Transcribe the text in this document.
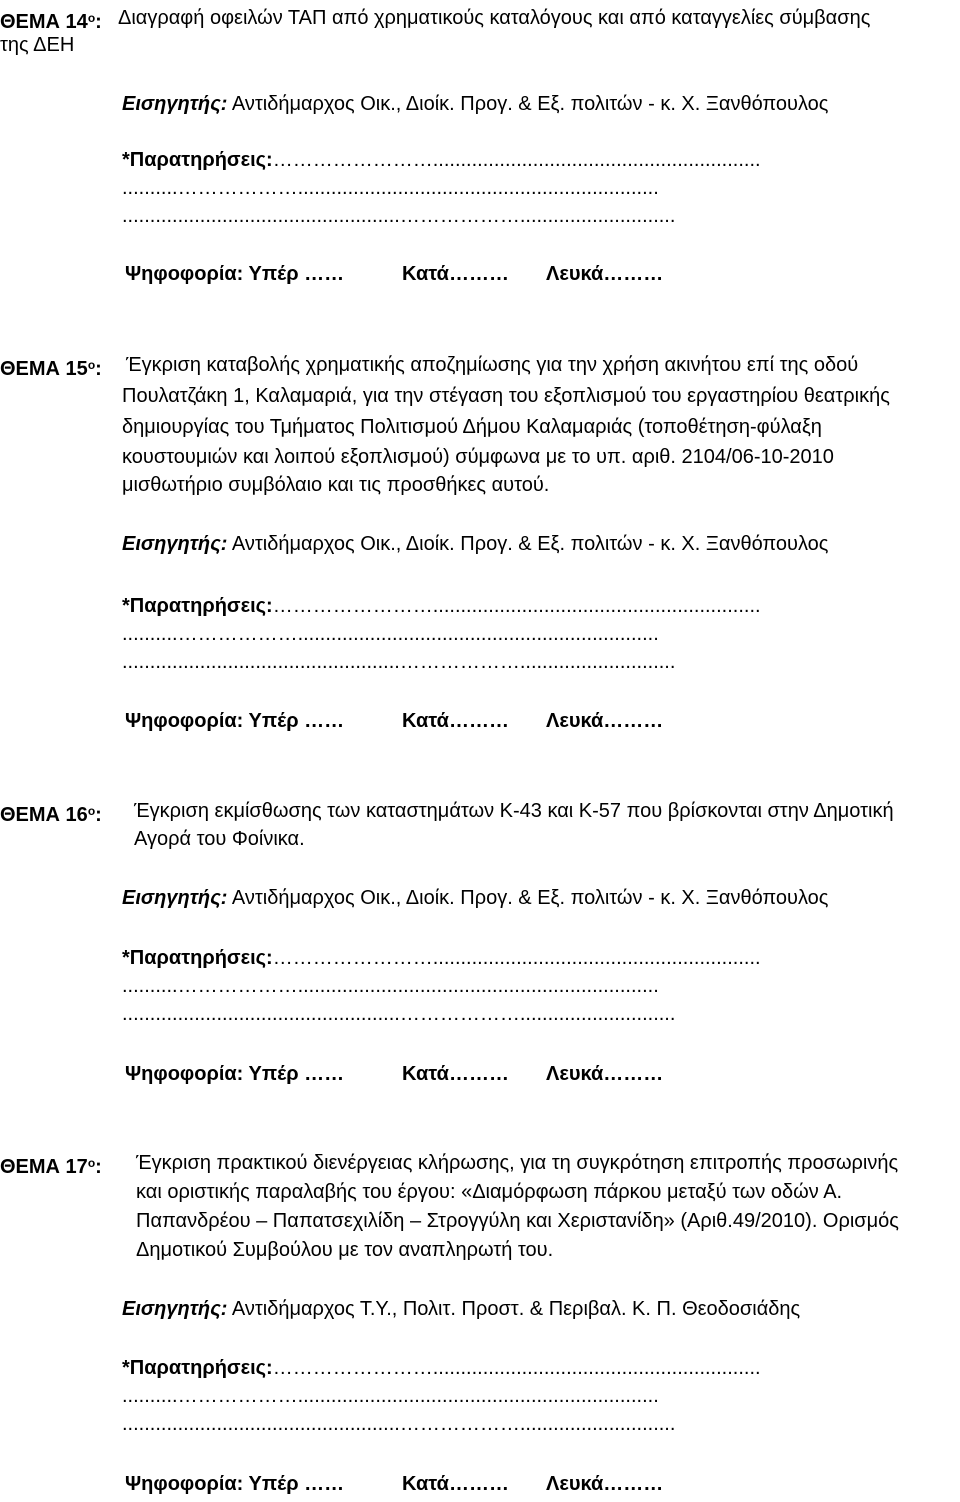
ΘΕΜΑ $14^o$: Διαγραφή οφειλών ΤΑΠ από χρηματικούς καταλόγους και από καταγγελίες σύμβασης
της ΔΕΗ
Εισηγητής: Αντιδήμαρχος Οικ., Διοίκ. Προγ. & Εξ. πολιτών - κ. Χ. Ξανθόπουλος
*Παρατηρήσεις:……………………...........................................................
..........……………….................................................................
..................................................………………............................
Ψηφοφορία: Υπέρ ……	Κατά……… Λευκά………
ΘΕΜΑ $15^o$: Έγκριση καταβολής χρηματικής αποζημίωσης για την χρήση ακινήτου επί της οδού
Πουλατζάκη 1, Καλαμαριά, για την στέγαση του εξοπλισμού του εργαστηρίου θεατρικής
δημιουργίας του Τμήματος Πολιτισμού Δήμου Καλαμαριάς (τοποθέτηση-φύλαξη
κουστουμιών και λοιπού εξοπλισμού) σύμφωνα με το υπ. αριθ. 2104/06-10-2010
μισθωτήριο συμβόλαιο και τις προσθήκες αυτού.
Εισηγητής: Αντιδήμαρχος Οικ., Διοίκ. Προγ. & Εξ. πολιτών - κ. Χ. Ξανθόπουλος
*Παρατηρήσεις:……………………...........................................................
..........……………….................................................................
..................................................………………............................
Ψηφοφορία: Υπέρ ……	Κατά……… Λευκά………
ΘΕΜΑ $16^o$: Έγκριση εκμίσθωσης των καταστημάτων Κ-43 και Κ-57 που βρίσκονται στην Δημοτική
Αγορά του Φοίνικα.
Εισηγητής: Αντιδήμαρχος Οικ., Διοίκ. Προγ. & Εξ. πολιτών - κ. Χ. Ξανθόπουλος
*Παρατηρήσεις:……………………...........................................................
..........……………….................................................................
..................................................………………............................
Ψηφοφορία: Υπέρ ……	Κατά……… Λευκά………
ΘΕΜΑ $17^o$: Έγκριση πρακτικού διενέργειας κλήρωσης, για τη συγκρότηση επιτροπής προσωρινής
και οριστικής παραλαβής του έργου: «Διαμόρφωση πάρκου μεταξύ των οδών Α.
Παπανδρέου – Παπατσεχιλίδη – Στρογγύλη και Χεριστανίδη» (Αριθ.49/2010). Ορισμός
Δημοτικού Συμβούλου με τον αναπληρωτή του.
Εισηγητής: Αντιδήμαρχος Τ.Υ., Πολιτ. Προστ. & Περιβαλ. Κ. Π. Θεοδοσιάδης
*Παρατηρήσεις:……………………...........................................................
..........……………….................................................................
..................................................………………............................
Ψηφοφορία: Υπέρ ……	Κατά……… Λευκά………
